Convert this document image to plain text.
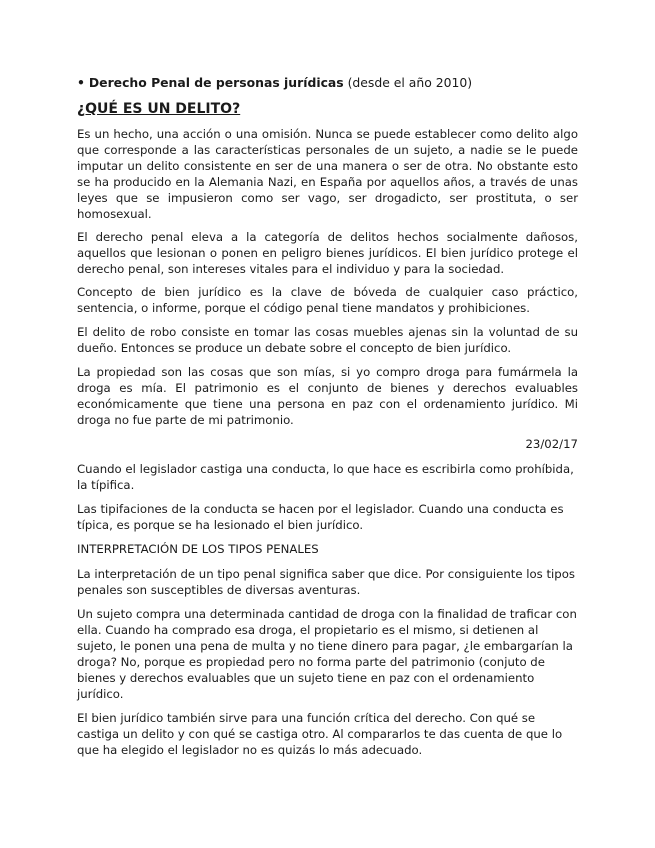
• Derecho Penal de personas jurídicas (desde el año 2010)
¿QUÉ ES UN DELITO?

Es un hecho, una acción o una omisión. Nunca se puede establecer como delito algo que corresponde a las características personales de un sujeto, a nadie se le puede imputar un delito consistente en ser de una manera o ser de otra. No obstante esto se ha producido en la Alemania Nazi, en España por aquellos años, a través de unas leyes que se impusieron como ser vago, ser drogadicto, ser prostituta, o ser homosexual.

El derecho penal eleva a la categoría de delitos hechos socialmente dañosos, aquellos que lesionan o ponen en peligro bienes jurídicos. El bien jurídico protege el derecho penal, son intereses vitales para el individuo y para la sociedad.

Concepto de bien jurídico es la clave de bóveda de cualquier caso práctico, sentencia, o informe, porque el código penal tiene mandatos y prohibiciones.

El delito de robo consiste en tomar las cosas muebles ajenas sin la voluntad de su dueño. Entonces se produce un debate sobre el concepto de bien jurídico.

La propiedad son las cosas que son mías, si yo compro droga para fumármela la droga es mía. El patrimonio es el conjunto de bienes y derechos evaluables económicamente que tiene una persona en paz con el ordenamiento jurídico. Mi droga no fue parte de mi patrimonio.

23/02/17

Cuando el legislador castiga una conducta, lo que hace es escribirla como prohíbida, la típifica.

Las tipifaciones de la conducta se hacen por el legislador. Cuando una conducta es típica, es porque se ha lesionado el bien jurídico.

INTERPRETACIÓN DE LOS TIPOS PENALES

La interpretación de un tipo penal significa saber que dice. Por consiguiente los tipos penales son susceptibles de diversas aventuras.

Un sujeto compra una determinada cantidad de droga con la finalidad de traficar con ella. Cuando ha comprado esa droga, el propietario es el mismo, si detienen al sujeto, le ponen una pena de multa y no tiene dinero para pagar, ¿le embargarían la droga? No, porque es propiedad pero no forma parte del patrimonio (conjuto de bienes y derechos evaluables que un sujeto tiene en paz con el ordenamiento jurídico.

El bien jurídico también sirve para una función crítica del derecho. Con qué se castiga un delito y con qué se castiga otro. Al compararlos te das cuenta de que lo que ha elegido el legislador no es quizás lo más adecuado.
